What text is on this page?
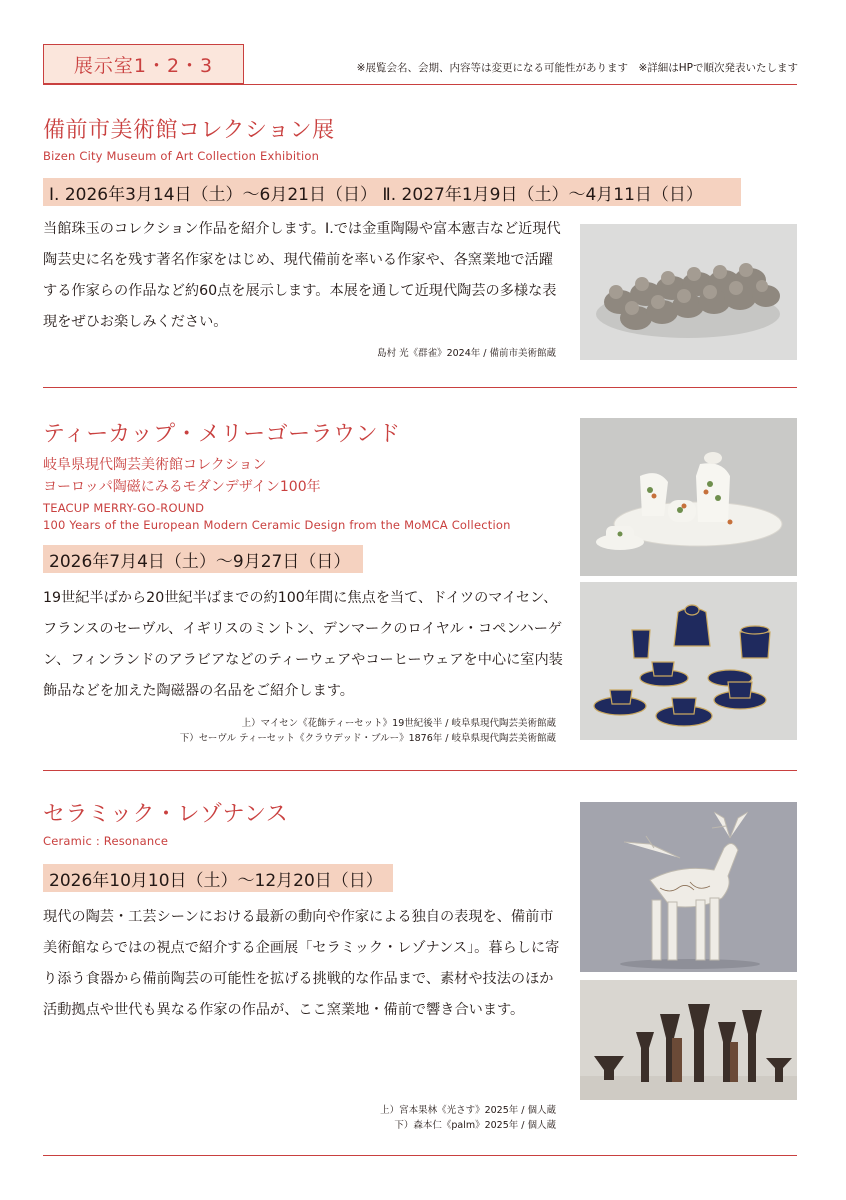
展示室1・2・3	※展覧会名、会期、内容等は変更になる可能性があります　※詳細はHPで順次発表いたします
備前市美術館コレクション展

Bizen City Museum of Art Collection Exhibition

Ⅰ. 2026年3月14日（土）～6月21日（日） Ⅱ. 2027年1月9日（土）～4月11日（日）

当館珠玉のコレクション作品を紹介します。Ⅰ.では金重陶陽や富本憲吉など近現代陶芸史に名を残す著名作家をはじめ、現代備前を率いる作家や、各窯業地で活躍する作家らの作品など約60点を展示します。本展を通して近現代陶芸の多様な表現をぜひお楽しみください。

島村 光《群雀》2024年 / 備前市美術館蔵

ティーカップ・メリーゴーラウンド

岐阜県現代陶芸美術館コレクション

ヨーロッパ陶磁にみるモダンデザイン100年

TEACUP MERRY-GO-ROUND

100 Years of the European Modern Ceramic Design from the MoMCA Collection

2026年7月4日（土）～9月27日（日）

19世紀半ばから20世紀半ばまでの約100年間に焦点を当て、ドイツのマイセン、フランスのセーヴル、イギリスのミントン、デンマークのロイヤル・コペンハーゲン、フィンランドのアラビアなどのティーウェアやコーヒーウェアを中心に室内装飾品などを加えた陶磁器の名品をご紹介します。

上）マイセン《花飾ティーセット》19世紀後半 / 岐阜県現代陶芸美術館蔵

下）セーヴル ティーセット《クラウデッド・ブルー》1876年 / 岐阜県現代陶芸美術館蔵

セラミック・レゾナンス

Ceramic : Resonance

2026年10月10日（土）～12月20日（日）

現代の陶芸・工芸シーンにおける最新の動向や作家による独自の表現を、備前市美術館ならではの視点で紹介する企画展「セラミック・レゾナンス」。暮らしに寄り添う食器から備前陶芸の可能性を拡げる挑戦的な作品まで、素材や技法のほか活動拠点や世代も異なる作家の作品が、ここ窯業地・備前で響き合います。

上）宮本果林《光さす》2025年 / 個人蔵

下）森本仁《palm》2025年 / 個人蔵
